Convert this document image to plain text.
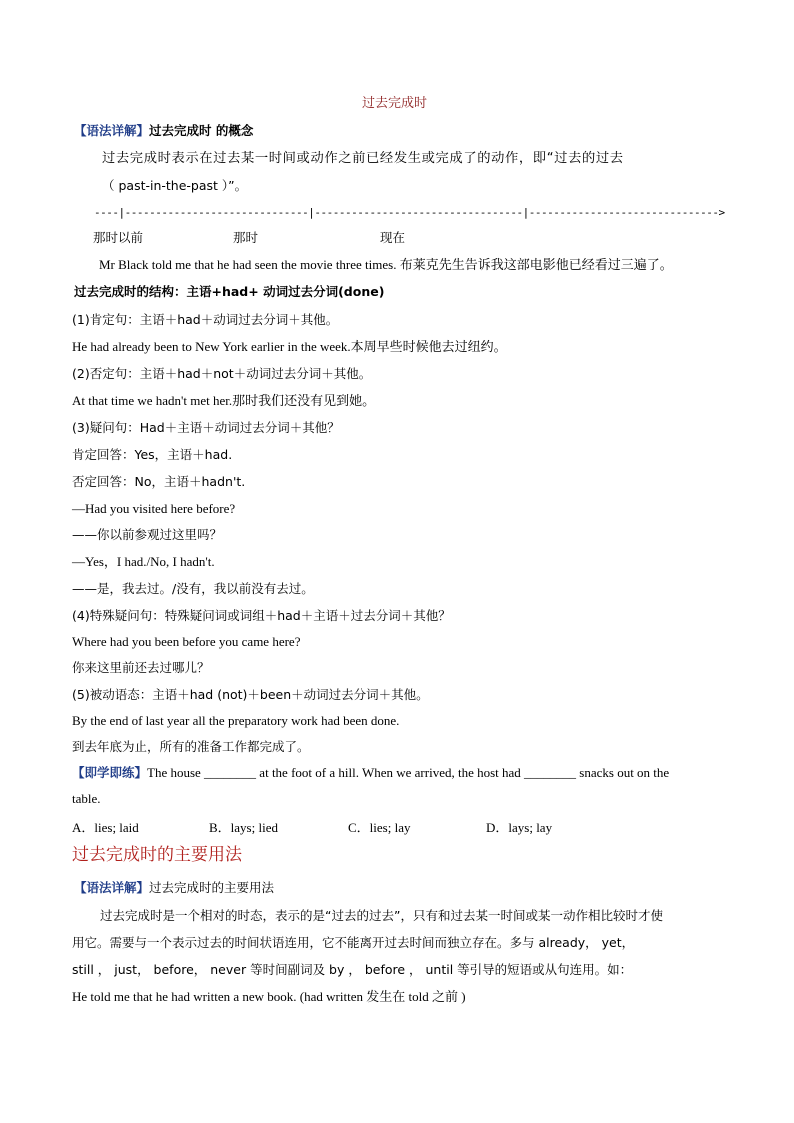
过去完成时
【语法详解】过去完成时 的概念
过去完成时表示在过去某一时间或动作之前已经发生或完成了的动作，即“过去的过去
（ past-in-the-past ）”。
----|------------------------------|----------------------------------|------------------------------->
那时以前	那时	现在
Mr Black told me that he had seen the movie three times. 布莱克先生告诉我这部电影他已经看过三遍了。
过去完成时的结构：主语+had+ 动词过去分词(done)
(1)肯定句：主语＋had＋动词过去分词＋其他。
He had already been to New York earlier in the week.本周早些时候他去过纽约。
(2)否定句：主语＋had＋not＋动词过去分词＋其他。
At that time we hadn't met her.那时我们还没有见到她。
(3)疑问句：Had＋主语＋动词过去分词＋其他？
肯定回答：Yes，主语＋had.
否定回答：No，主语＋hadn't.
—Had you visited here before?
——你以前参观过这里吗？
—Yes，I had./No, I hadn't.
——是，我去过。/没有，我以前没有去过。
(4)特殊疑问句：特殊疑问词或词组＋had＋主语＋过去分词＋其他？
Where had you been before you came here?
你来这里前还去过哪儿？
(5)被动语态：主语＋had (not)＋been＋动词过去分词＋其他。
By the end of last year all the preparatory work had been done.
到去年底为止，所有的准备工作都完成了。
【即学即练】The house ________ at the foot of a hill. When we arrived, the host had ________ snacks out on the
table.
A．lies; laid	B．lays; lied	C．lies; lay	D．lays; lay
过去完成时的主要用法
【语法详解】过去完成时的主要用法
过去完成时是一个相对的时态，表示的是“过去的过去”，只有和过去某一时间或某一动作相比较时才使
用它。需要与一个表示过去的时间状语连用，它不能离开过去时间而独立存在。多与 already， yet，
still ， just， before， never 等时间副词及 by ， before ， until 等引导的短语或从句连用。如：
He told me that he had written a new book. (had written 发生在 told 之前 )
